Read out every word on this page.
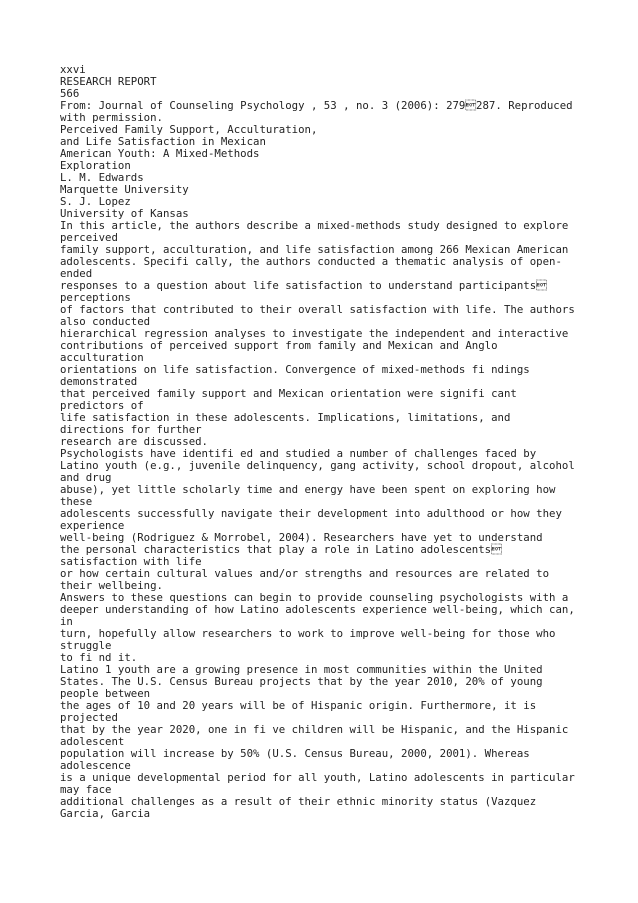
xxvi
RESEARCH REPORT
566
From: Journal of Counseling Psychology , 53 , no. 3 (2006): 279287. Reproduced
with permission.
Perceived Family Support, Acculturation,
and Life Satisfaction in Mexican
American Youth: A Mixed-Methods
Exploration
L. M. Edwards
Marquette University
S. J. Lopez
University of Kansas
In this article, the authors describe a mixed-methods study designed to explore
perceived
family support, acculturation, and life satisfaction among 266 Mexican American
adolescents. Specifi cally, the authors conducted a thematic analysis of open-
ended
responses to a question about life satisfaction to understand participants
perceptions
of factors that contributed to their overall satisfaction with life. The authors
also conducted
hierarchical regression analyses to investigate the independent and interactive
contributions of perceived support from family and Mexican and Anglo
acculturation
orientations on life satisfaction. Convergence of mixed-methods fi ndings
demonstrated
that perceived family support and Mexican orientation were signifi cant
predictors of
life satisfaction in these adolescents. Implications, limitations, and
directions for further
research are discussed.
Psychologists have identifi ed and studied a number of challenges faced by
Latino youth (e.g., juvenile delinquency, gang activity, school dropout, alcohol
and drug
abuse), yet little scholarly time and energy have been spent on exploring how
these
adolescents successfully navigate their development into adulthood or how they
experience
well-being (Rodriguez & Morrobel, 2004). Researchers have yet to understand
the personal characteristics that play a role in Latino adolescents
satisfaction with life
or how certain cultural values and/or strengths and resources are related to
their wellbeing.
Answers to these questions can begin to provide counseling psychologists with a
deeper understanding of how Latino adolescents experience well-being, which can,
in
turn, hopefully allow researchers to work to improve well-being for those who
struggle
to fi nd it.
Latino 1 youth are a growing presence in most communities within the United
States. The U.S. Census Bureau projects that by the year 2010, 20% of young
people between
the ages of 10 and 20 years will be of Hispanic origin. Furthermore, it is
projected
that by the year 2020, one in fi ve children will be Hispanic, and the Hispanic
adolescent
population will increase by 50% (U.S. Census Bureau, 2000, 2001). Whereas
adolescence
is a unique developmental period for all youth, Latino adolescents in particular
may face
additional challenges as a result of their ethnic minority status (Vazquez
Garcia, Garcia
